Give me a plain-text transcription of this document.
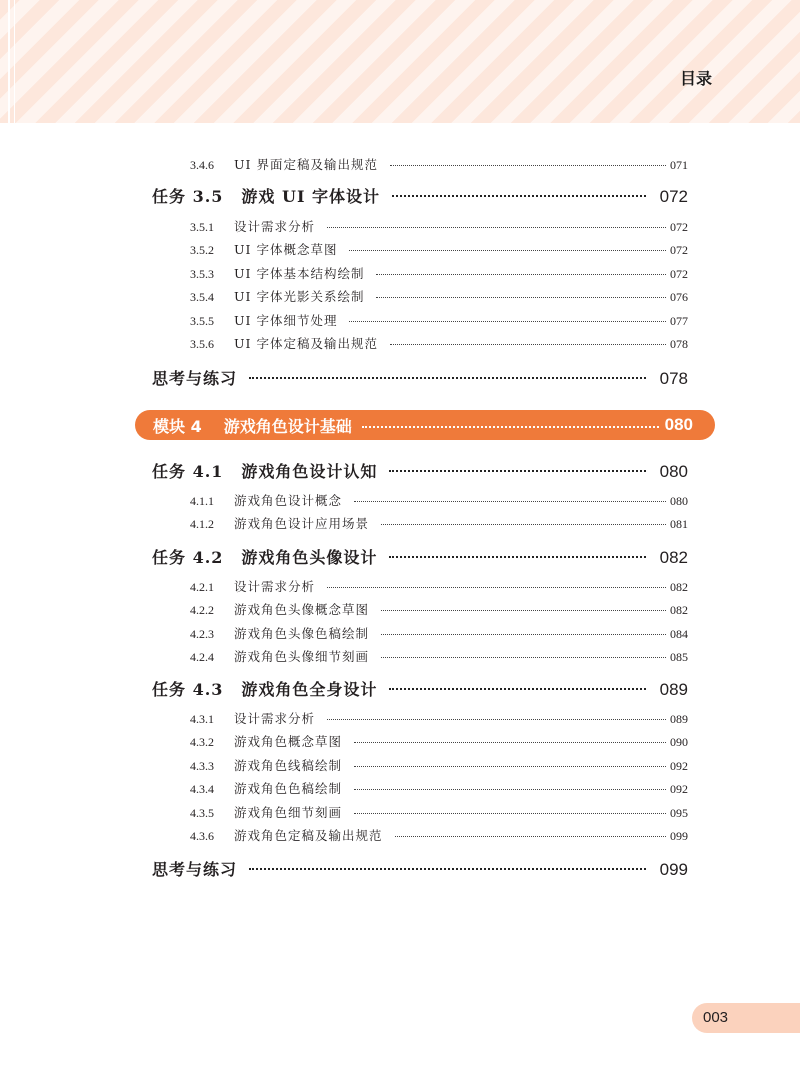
目录
3.4.6	UI 界面定稿及输出规范	071
任务 3.5 游戏 UI 字体设计	072
3.5.1	设计需求分析	072
3.5.2	UI 字体概念草图	072
3.5.3	UI 字体基本结构绘制	072
3.5.4	UI 字体光影关系绘制	076
3.5.5	UI 字体细节处理	077
3.5.6	UI 字体定稿及输出规范	078
思考与练习	078
模块 4 游戏角色设计基础	080
任务 4.1 游戏角色设计认知	080
4.1.1	游戏角色设计概念	080
4.1.2	游戏角色设计应用场景	081
任务 4.2 游戏角色头像设计	082
4.2.1	设计需求分析	082
4.2.2	游戏角色头像概念草图	082
4.2.3	游戏角色头像色稿绘制	084
4.2.4	游戏角色头像细节刻画	085
任务 4.3 游戏角色全身设计	089
4.3.1	设计需求分析	089
4.3.2	游戏角色概念草图	090
4.3.3	游戏角色线稿绘制	092
4.3.4	游戏角色色稿绘制	092
4.3.5	游戏角色细节刻画	095
4.3.6	游戏角色定稿及输出规范	099
思考与练习	099
003
